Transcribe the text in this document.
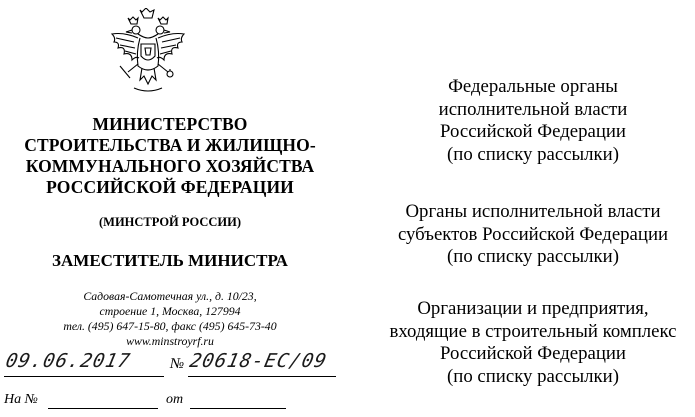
МИНИСТЕРСТВО
СТРОИТЕЛЬСТВА И ЖИЛИЩНО-
КОММУНАЛЬНОГО ХОЗЯЙСТВА
РОССИЙСКОЙ ФЕДЕРАЦИИ
(МИНСТРОЙ РОССИИ)
ЗАМЕСТИТЕЛЬ МИНИСТРА
Садовая-Самотечная ул., д. 10/23,
строение 1, Москва, 127994
тел. (495) 647-15-80, факс (495) 645-73-40
www.minstroyrf.ru
09.06.2017 № 20618-ЕС/09
На №	от
Федеральные органы
исполнительной власти
Российской Федерации
(по списку рассылки)
Органы исполнительной власти
субъектов Российской Федерации
(по списку рассылки)
Организации и предприятия,
входящие в строительный комплекс
Российской Федерации
(по списку рассылки)
